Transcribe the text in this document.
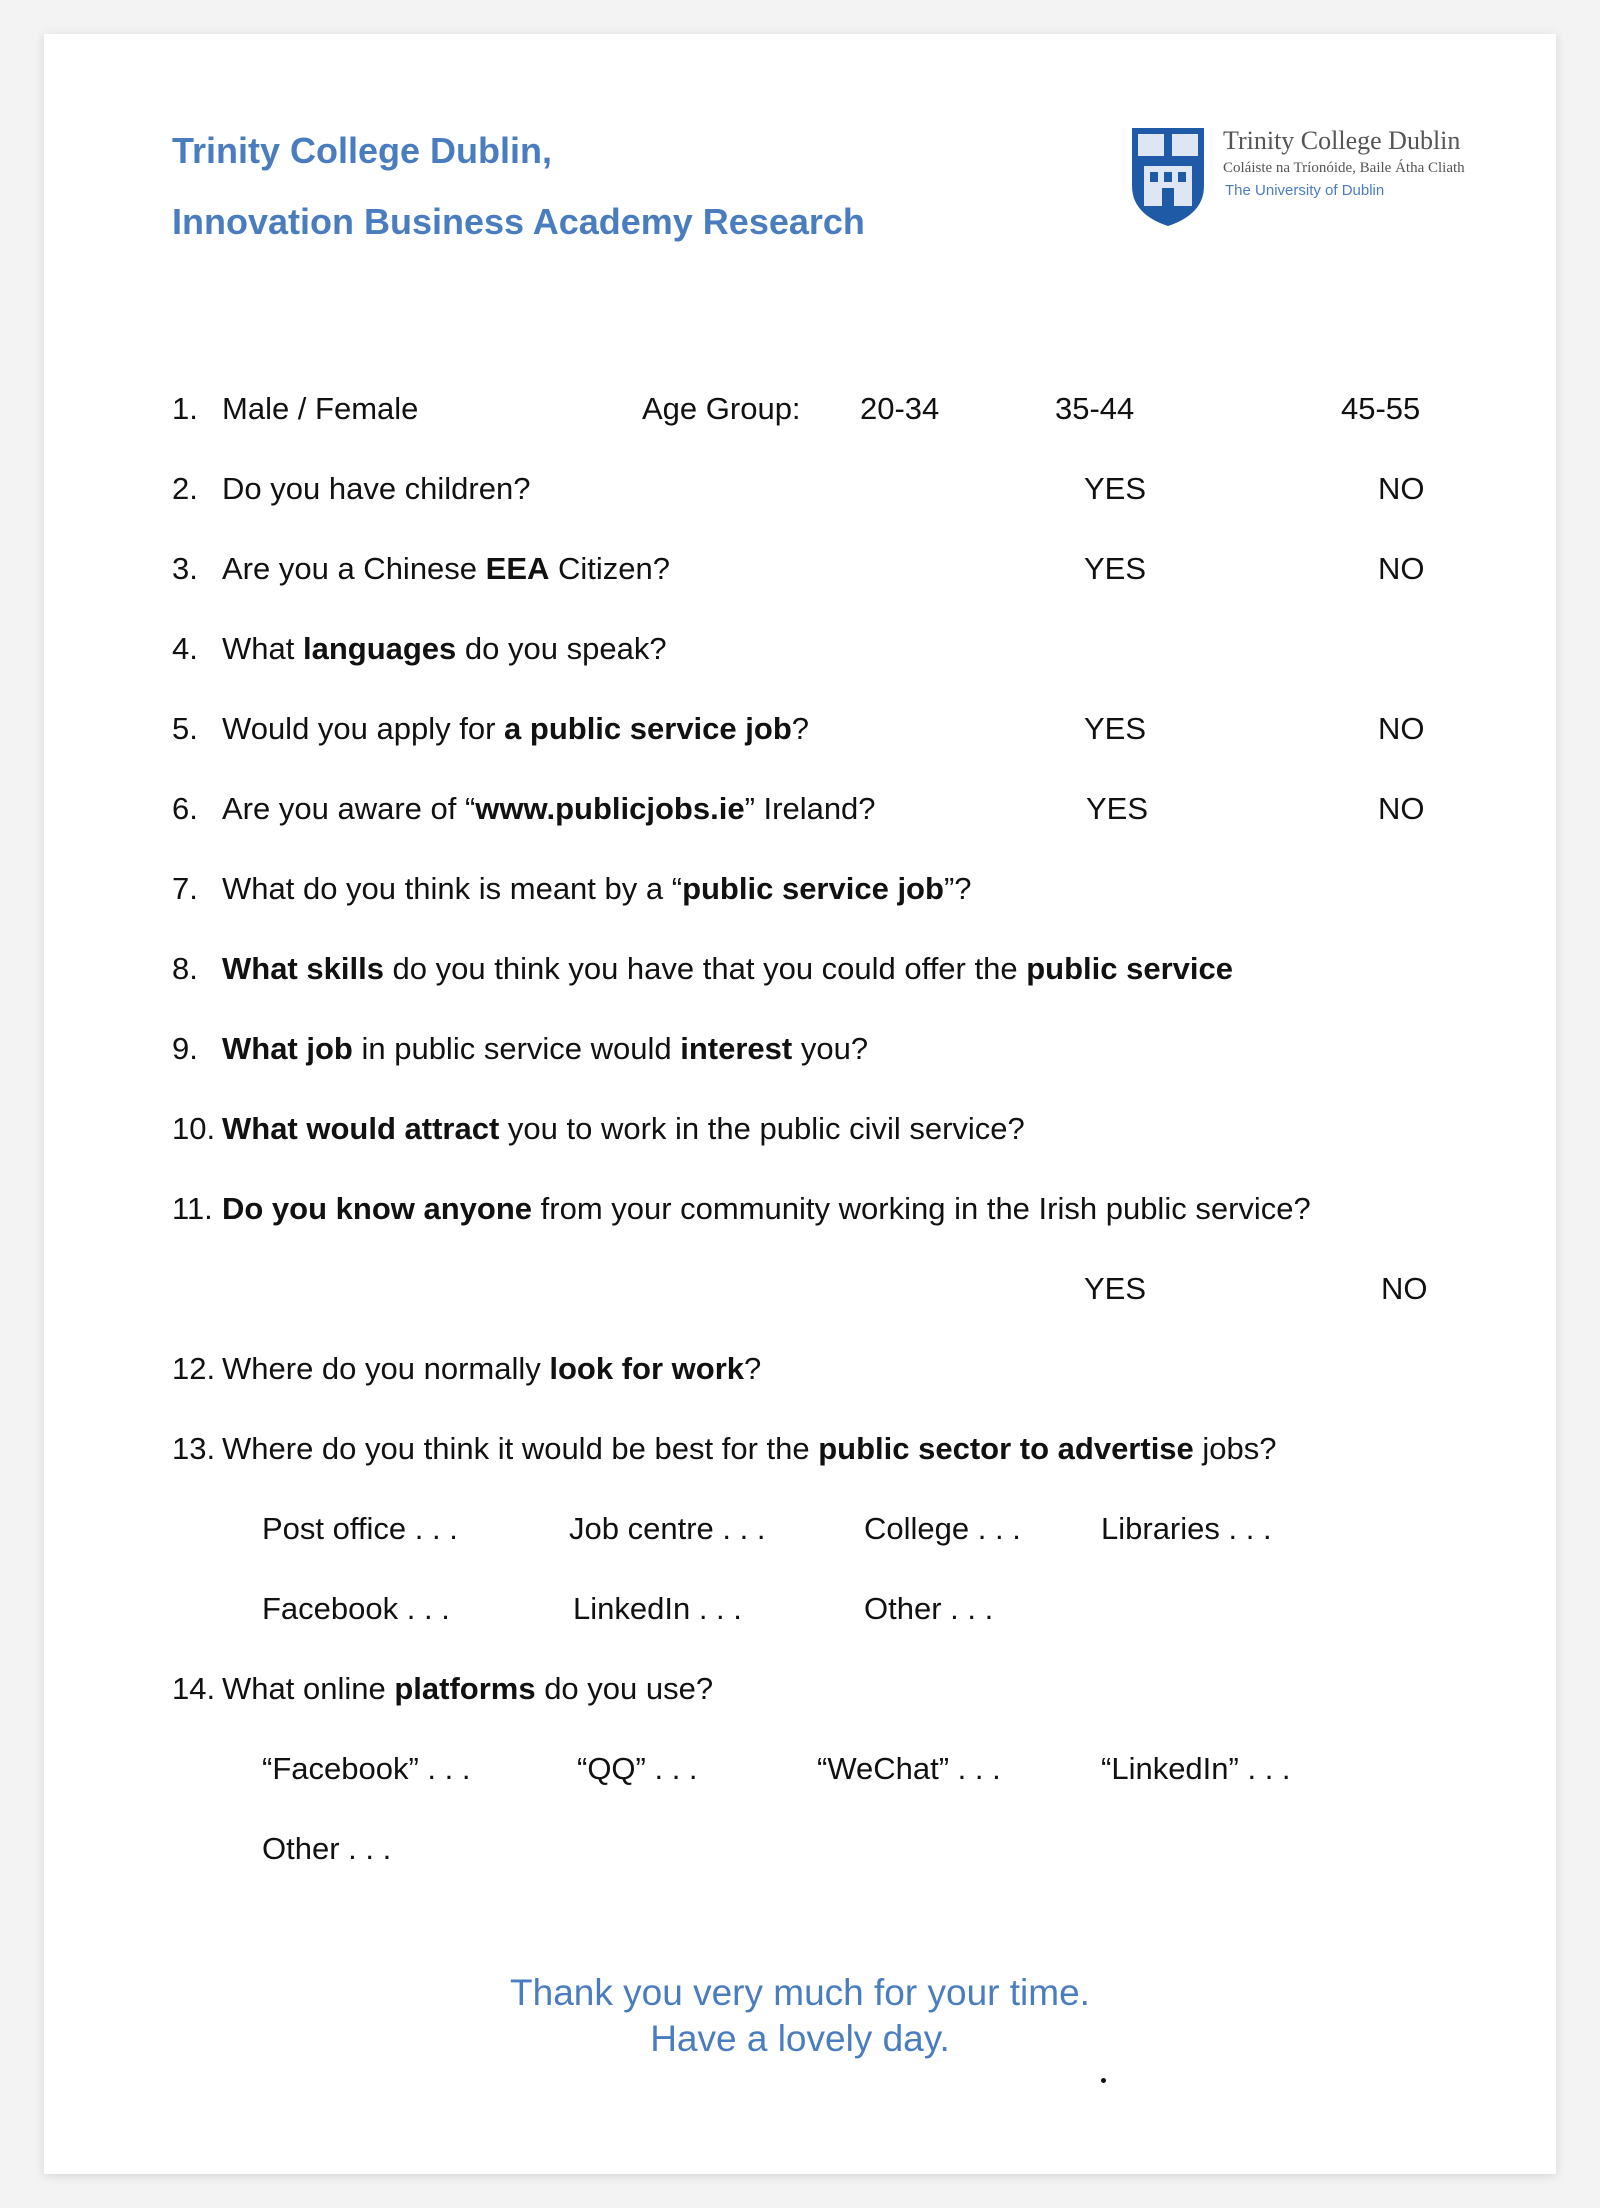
Trinity College Dublin,
Innovation Business Academy Research
Trinity College Dublin
Coláiste na Tríonóide, Baile Átha Cliath
The University of Dublin
1. Male / Female	Age Group: 20-34	35-44	45-55
2. Do you have children?	YES	NO
3. Are you a Chinese EEA Citizen?	YES	NO
4. What languages do you speak?
5. Would you apply for a public service job?	YES	NO
6. Are you aware of “www.publicjobs.ie” Ireland?	YES	NO
7. What do you think is meant by a “public service job”?
8. What skills do you think you have that you could offer the public service
9. What job in public service would interest you?
10. What would attract you to work in the public civil service?
11. Do you know anyone from your community working in the Irish public service?
YES	NO
12. Where do you normally look for work?
13. Where do you think it would be best for the public sector to advertise jobs?
Post office . . .	Job centre . . .	College . . .	Libraries . . .
Facebook . . .	LinkedIn . . .	Other . . .
14. What online platforms do you use?
“Facebook” . . .	“QQ” . . .	“WeChat” . . .	“LinkedIn” . . .
Other . . .
Thank you very much for your time.
Have a lovely day.
